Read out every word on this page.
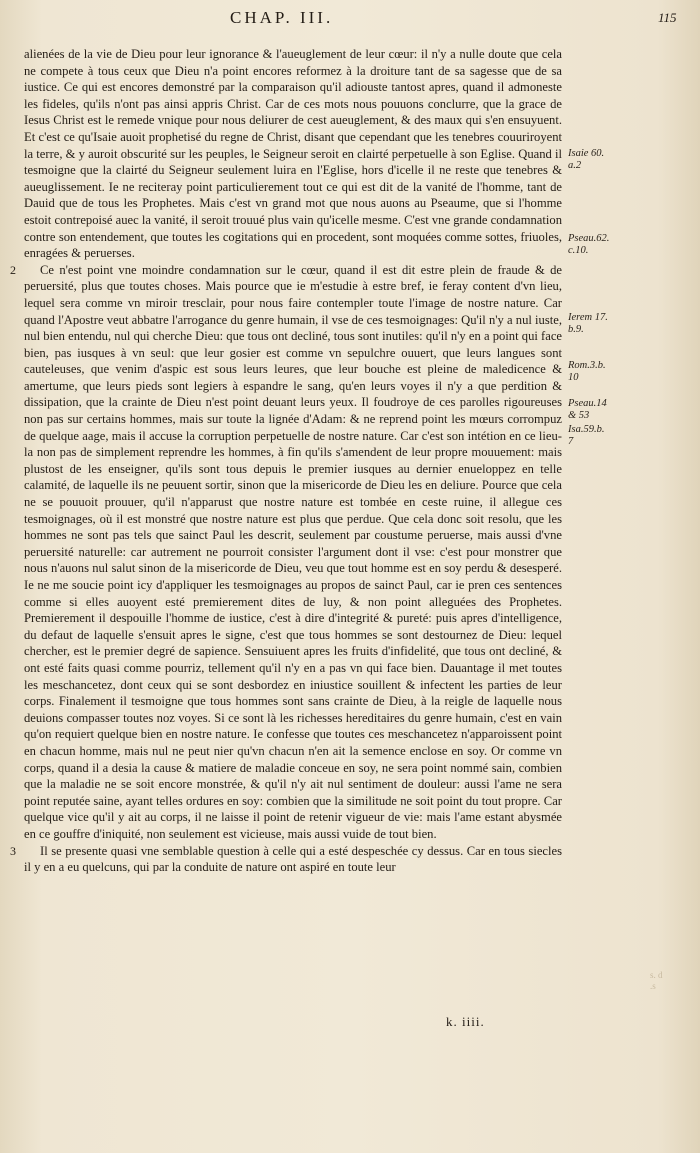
CHAP. III.	115

alienées de la vie de Dieu pour leur ignorance & l'aueuglement de leur cœur: il n'y a nulle doute que cela ne compete à tous ceux que Dieu n'a point encores reformez à la droiture tant de sa sagesse que de sa iustice. Ce qui est encores demonstré par la comparaison qu'il adiouste tantost apres, quand il admoneste les fideles, qu'ils n'ont pas ainsi appris Christ. Car de ces mots nous pouuons conclurre, que la grace de Iesus Christ est le remede vnique pour nous deliurer de cest aueuglement, & des maux qui s'en ensuyuent. Et c'est ce qu'Isaie auoit prophetisé du regne de Christ, disant que cependant que les tenebres couuriroyent la terre, & y auroit obscurité sur les peuples, le Seigneur seroit en clairté perpetuelle à son Eglise. Quand il tesmoigne que la clairté du Seigneur seulement luira en l'Eglise, hors d'icelle il ne reste que tenebres & aueuglissement. Ie ne reciteray point particulierement tout ce qui est dit de la vanité de l'homme, tant de Dauid que de tous les Prophetes. Mais c'est vn grand mot que nous auons au Pseaume, que si l'homme estoit contrepoisé auec la vanité, il seroit trouué plus vain qu'icelle mesme. C'est vne grande condamnation contre son entendement, que toutes les cogitations qui en procedent, sont moquées comme sottes, friuoles, enragées & peruerses.

2	Ce n'est point vne moindre condamnation sur le cœur, quand il est dit estre plein de fraude & de peruersité, plus que toutes choses. Mais pource que ie m'estudie à estre bref, ie feray content d'vn lieu, lequel sera comme vn miroir tresclair, pour nous faire contempler toute l'image de nostre nature. Car quand l'Apostre veut abbatre l'arrogance du genre humain, il vse de ces tesmoignages: Qu'il n'y a nul iuste, nul bien entendu, nul qui cherche Dieu: que tous ont decliné, tous sont inutiles: qu'il n'y en a point qui face bien, pas iusques à vn seul: que leur gosier est comme vn sepulchre ouuert, que leurs langues sont cauteleuses, que venim d'aspic est sous leurs leures, que leur bouche est pleine de malediсence & amertume, que leurs pieds sont legiers à espandre le sang, qu'en leurs voyes il n'y a que perdition & dissipation, que la crainte de Dieu n'est point deuant leurs yeux. Il foudroye de ces parolles rigoureuses non pas sur certains hommes, mais sur toute la lignée d'Adam: & ne reprend point les mœurs corrompuz de quelque aage, mais il accuse la corruption perpetuelle de nostre nature. Car c'est son intétion en ce lieu-la non pas de simplement reprendre les hommes, à fin qu'ils s'amendent de leur propre mouuement: mais plustost de les enseigner, qu'ils sont tous depuis le premier iusques au dernier enueloppez en telle calamité, de laquelle ils ne peuuent sortir, sinon que la misericorde de Dieu les en deliure. Pource que cela ne se pouuoit prouuer, qu'il n'apparust que nostre nature est tombée en ceste ruine, il allegue ces tesmoignages, où il est monstré que nostre nature est plus que perdue. Que cela donc soit resolu, que les hommes ne sont pas tels que sainct Paul les descrit, seulement par coustume peruerse, mais aussi d'vne peruersité naturelle: car autrement ne pourroit consister l'argument dont il vse: c'est pour monstrer que nous n'auons nul salut sinon de la misericorde de Dieu, veu que tout homme est en soy perdu & desesperé. Ie ne me soucie point icy d'appliquer les tesmoignages au propos de sainct Paul, car ie pren ces sentences comme si elles auoyent esté premierement dites de luy, & non point alleguées des Prophetes. Premierement il despouille l'homme de iustice, c'est à dire d'integrité & pureté: puis apres d'intelligence, du defaut de laquelle s'ensuit apres le signe, c'est que tous hommes se sont destournez de Dieu: lequel chercher, est le premier degré de sapience. Sensuiuent apres les fruits d'infidelité, que tous ont decliné, & ont esté faits quasi comme pourriz, tellement qu'il n'y en a pas vn qui face bien. Dauantage il met toutes les meschancetez, dont ceux qui se sont desbordez en iniustice souillent & infectent les parties de leur corps. Finalement il tesmoigne que tous hommes sont sans crainte de Dieu, à la reigle de laquelle nous deuions compasser toutes noz voyes. Si ce sont là les richesses hereditaires du genre humain, c'est en vain qu'on requiert quelque bien en nostre nature. Ie confesse que toutes ces meschancetez n'apparoissent point en chacun homme, mais nul ne peut nier qu'vn chacun n'en ait la semence enclose en soy. Or comme vn corps, quand il a desia la cause & matiere de maladie conceue en soy, ne sera point nommé sain, combien que la maladie ne se soit encore monstrée, & qu'il n'y ait nul sentiment de douleur: aussi l'ame ne sera point reputée saine, ayant telles ordures en soy: combien que la similitude ne soit point du tout propre. Car quelque vice qu'il y ait au corps, il ne laisse il point de retenir vigueur de vie: mais l'ame estant abysmée en ce gouffre d'iniquité, non seulement est vicieuse, mais aussi vuide de tout bien.

3	Il se presente quasi vne semblable question à celle qui a esté despeschée cy dessus. Car en tous siecles il y en a eu quelcuns, qui par la conduite de nature ont aspiré en toute leur

Isaie 60.
a.2
Pseau.62.
c.10.
Ierem 17.
b.9.
Rom.3.b.
10
Pseau.14
& 53
Isa.59.b.
7
k. iiii.
s. d
.s
